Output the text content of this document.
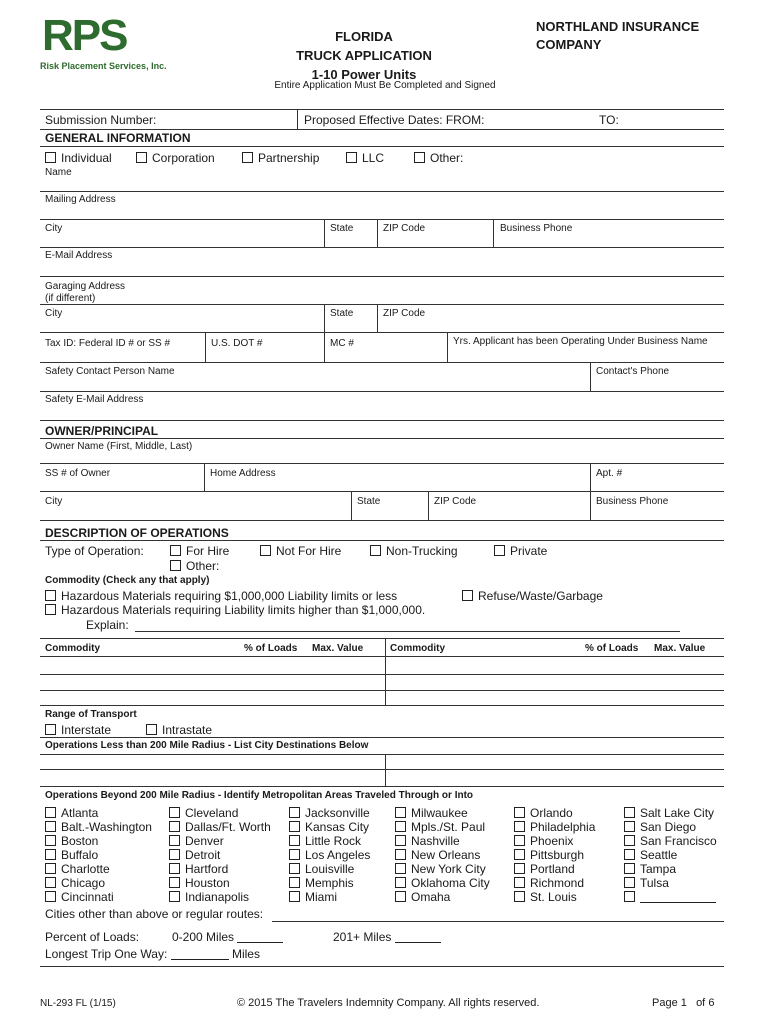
RPS
Risk Placement Services, Inc.
FLORIDA
TRUCK APPLICATION
1-10 Power Units
NORTHLAND INSURANCE
COMPANY
Entire Application Must Be Completed and Signed
Submission Number:	Proposed Effective Dates: FROM:	TO:
GENERAL INFORMATION
Individual	Corporation	Partnership	LLC	Other:
Name
Mailing Address
City	State	ZIP Code	Business Phone
E-Mail Address
Garaging Address
(if different)
City	State	ZIP Code
Tax ID: Federal ID # or SS #	U.S. DOT #	MC #	Yrs. Applicant has been Operating Under Business Name
Safety Contact Person Name	Contact's Phone
Safety E-Mail Address
OWNER/PRINCIPAL
Owner Name (First, Middle, Last)
SS # of Owner	Home Address	Apt. #
City	State	ZIP Code	Business Phone
DESCRIPTION OF OPERATIONS
Type of Operation:	For Hire	Not For Hire	Non-Trucking	Private
Other:
Commodity (Check any that apply)
Hazardous Materials requiring $1,000,000 Liability limits or less	Refuse/Waste/Garbage
Hazardous Materials requiring Liability limits higher than $1,000,000.
Explain:
Commodity	% of Loads Max. Value	Commodity	% of Loads Max. Value
Range of Transport
Interstate	Intrastate
Operations Less than 200 Mile Radius - List City Destinations Below
Operations Beyond 200 Mile Radius - Identify Metropolitan Areas Traveled Through or Into
Atlanta
Balt.-Washington
Boston
Buffalo
Charlotte
Chicago
Cincinnati
Cleveland
Dallas/Ft. Worth
Denver
Detroit
Hartford
Houston
Indianapolis
Jacksonville
Kansas City
Little Rock
Los Angeles
Louisville
Memphis
Miami
Milwaukee
Mpls./St. Paul
Nashville
New Orleans
New York City
Oklahoma City
Omaha
Orlando
Philadelphia
Phoenix
Pittsburgh
Portland
Richmond
St. Louis
Salt Lake City
San Diego
San Francisco
Seattle
Tampa
Tulsa
Cities other than above or regular routes:
Percent of Loads:	0-200 Miles	201+ Miles
Longest Trip One Way:	Miles
NL-293 FL (1/15)	© 2015 The Travelers Indemnity Company. All rights reserved.	Page 1 of 6
